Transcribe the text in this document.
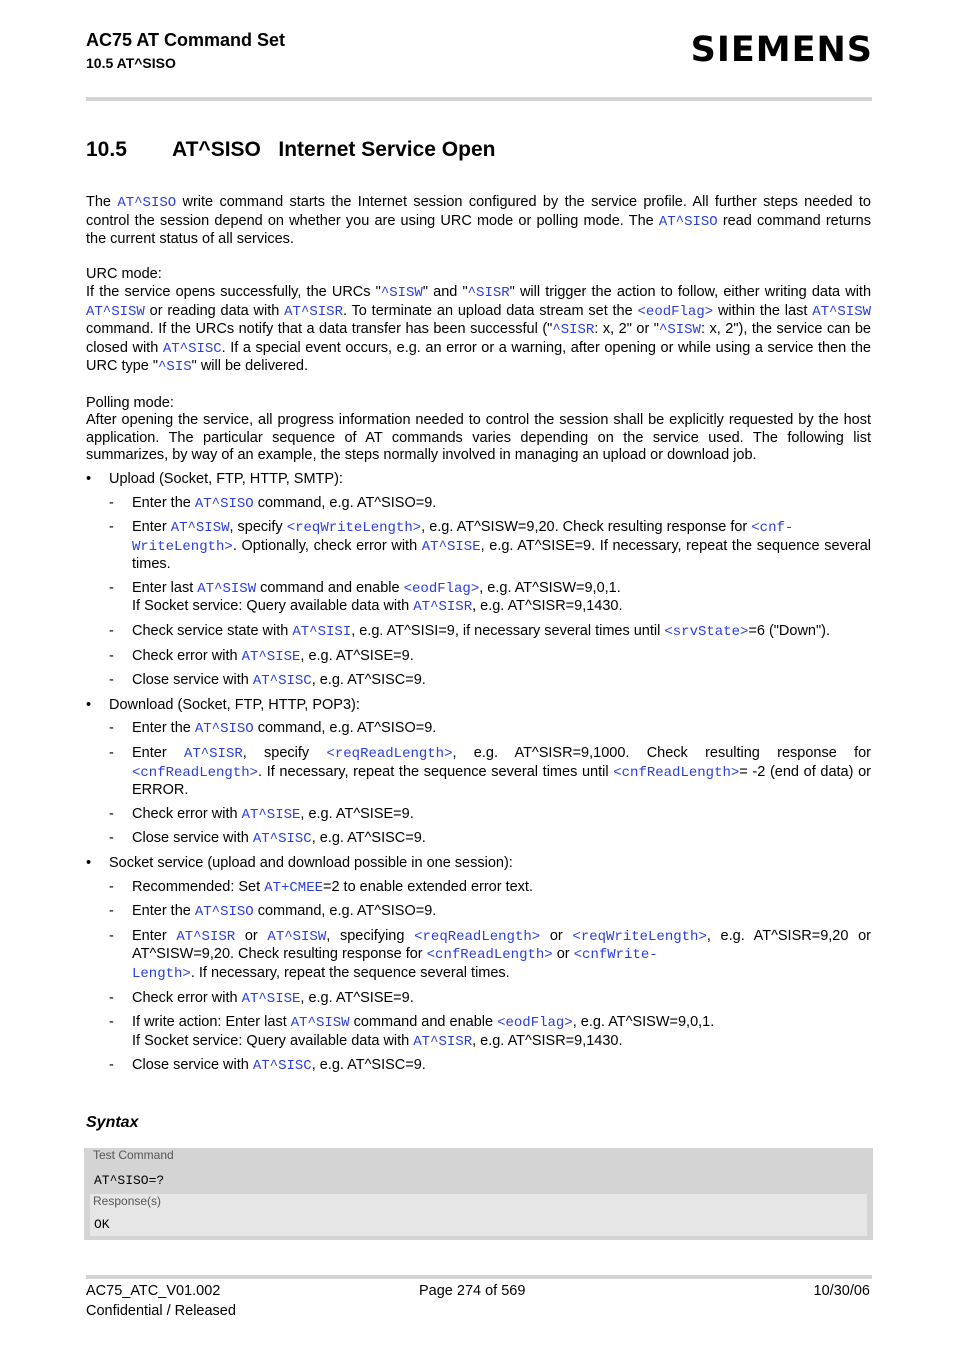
AC75 AT Command Set
10.5 AT^SISO	SIEMENS
10.5 AT^SISO   Internet Service Open

The AT^SISO write command starts the Internet session configured by the service profile. All further steps needed to control the session depend on whether you are using URC mode or polling mode. The AT^SISO read command returns the current status of all services.

URC mode:
If the service opens successfully, the URCs "^SISW" and "^SISR" will trigger the action to follow, either writing data with AT^SISW or reading data with AT^SISR. To terminate an upload data stream set the <eodFlag> within the last AT^SISW command. If the URCs notify that a data transfer has been successful ("^SISR: x, 2" or "^SISW: x, 2"), the service can be closed with AT^SISC. If a special event occurs, e.g. an error or a warning, after opening or while using a service then the URC type "^SIS" will be delivered.

Polling mode:
After opening the service, all progress information needed to control the session shall be explicitly requested by the host application. The particular sequence of AT commands varies depending on the service used. The following list summarizes, by way of an example, the steps normally involved in managing an upload or download job.

• Upload (Socket, FTP, HTTP, SMTP):
- Enter the AT^SISO command, e.g. AT^SISO=9.
- Enter AT^SISW, specify <reqWriteLength>, e.g. AT^SISW=9,20. Check resulting response for <cnf-
WriteLength>. Optionally, check error with AT^SISE, e.g. AT^SISE=9. If necessary, repeat the sequence several times.
- Enter last AT^SISW command and enable <eodFlag>, e.g. AT^SISW=9,0,1.
If Socket service: Query available data with AT^SISR, e.g. AT^SISR=9,1430.
- Check service state with AT^SISI, e.g. AT^SISI=9, if necessary several times until <srvState>=6 ("Down").
- Check error with AT^SISE, e.g. AT^SISE=9.
- Close service with AT^SISC, e.g. AT^SISC=9.
• Download (Socket, FTP, HTTP, POP3):
- Enter the AT^SISO command, e.g. AT^SISO=9.
- Enter AT^SISR, specify <reqReadLength>, e.g. AT^SISR=9,1000. Check resulting response for <cnfReadLength>. If necessary, repeat the sequence several times until <cnfReadLength>= -2 (end of data) or ERROR.
- Check error with AT^SISE, e.g. AT^SISE=9.
- Close service with AT^SISC, e.g. AT^SISC=9.
• Socket service (upload and download possible in one session):
- Recommended: Set AT+CMEE=2 to enable extended error text.
- Enter the AT^SISO command, e.g. AT^SISO=9.
- Enter AT^SISR or AT^SISW, specifying <reqReadLength> or <reqWriteLength>, e.g. AT^SISR=9,20 or AT^SISW=9,20. Check resulting response for <cnfReadLength> or <cnfWrite-
Length>. If necessary, repeat the sequence several times.
- Check error with AT^SISE, e.g. AT^SISE=9.
- If write action: Enter last AT^SISW command and enable <eodFlag>, e.g. AT^SISW=9,0,1.
If Socket service: Query available data with AT^SISR, e.g. AT^SISR=9,1430.
- Close service with AT^SISC, e.g. AT^SISC=9.
Syntax
Test Command
AT^SISO=?
Response(s)
OK
AC75_ATC_V01.002
Confidential / Released
Page 274 of 569	10/30/06
